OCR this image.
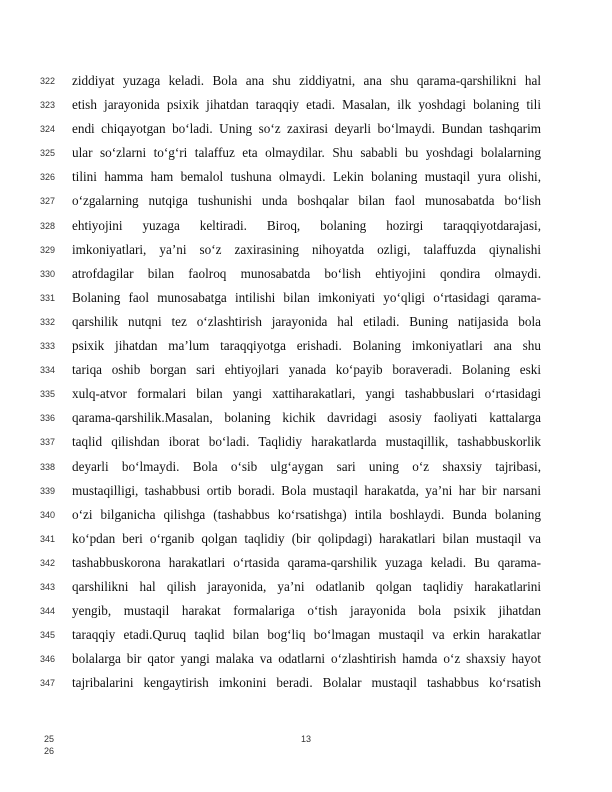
322
323
324
325
326
327
328
329
330
331
332
333
334
335
336
337
338
339
340
341
342
343
344
345
346
347
ziddiyat yuzaga keladi. Bola ana shu ziddiyatni, ana shu qarama-qarshilikni hal
etish jarayonida psixik jihatdan taraqqiy etadi. Masalan, ilk yoshdagi bolaning tili
endi chiqayotgan bo‘ladi. Uning so‘z zaxirasi deyarli bo‘lmaydi. Bundan tashqarim
ular so‘zlarni to‘g‘ri talaffuz eta olmaydilar. Shu sababli bu yoshdagi bolalarning
tilini hamma ham bemalol tushuna olmaydi. Lekin bolaning mustaqil yura olishi,
o‘zgalarning nutqiga tushunishi unda boshqalar bilan faol munosabatda bo‘lish
ehtiyojini yuzaga keltiradi. Biroq, bolaning hozirgi taraqqiyotdarajasi,
imkoniyatlari, ya’ni so‘z zaxirasining nihoyatda ozligi, talaffuzda qiynalishi
atrofdagilar bilan faolroq munosabatda bo‘lish ehtiyojini qondira olmaydi.
Bolaning faol munosabatga intilishi bilan imkoniyati yo‘qligi o‘rtasidagi qarama-
qarshilik nutqni tez o‘zlashtirish jarayonida hal etiladi. Buning natijasida bola
psixik jihatdan ma’lum taraqqiyotga erishadi. Bolaning imkoniyatlari ana shu
tariqa oshib borgan sari ehtiyojlari yanada ko‘payib boraveradi. Bolaning eski
xulq-atvor formalari bilan yangi xattiharakatlari, yangi tashabbuslari o‘rtasidagi
qarama-qarshilik.Masalan, bolaning kichik davridagi asosiy faoliyati kattalarga
taqlid qilishdan iborat bo‘ladi. Taqlidiy harakatlarda mustaqillik, tashabbuskorlik
deyarli bo‘lmaydi. Bola o‘sib ulg‘aygan sari uning o‘z shaxsiy tajribasi,
mustaqilligi, tashabbusi ortib boradi. Bola mustaqil harakatda, ya’ni har bir narsani
o‘zi bilganicha qilishga (tashabbus ko‘rsatishga) intila boshlaydi. Bunda bolaning
ko‘pdan beri o‘rganib qolgan taqlidiy (bir qolipdagi) harakatlari bilan mustaqil va
tashabbuskorona harakatlari o‘rtasida qarama-qarshilik yuzaga keladi. Bu qarama-
qarshilikni hal qilish jarayonida, ya’ni odatlanib qolgan taqlidiy harakatlarini
yengib, mustaqil harakat formalariga o‘tish jarayonida bola psixik jihatdan
taraqqiy etadi.Quruq taqlid bilan bog‘liq bo‘lmagan mustaqil va erkin harakatlar
bolalarga bir qator yangi malaka va odatlarni o‘zlashtirish hamda o‘z shaxsiy hayot
tajribalarini kengaytirish imkonini beradi. Bolalar mustaqil tashabbus ko‘rsatish
25
26
13
